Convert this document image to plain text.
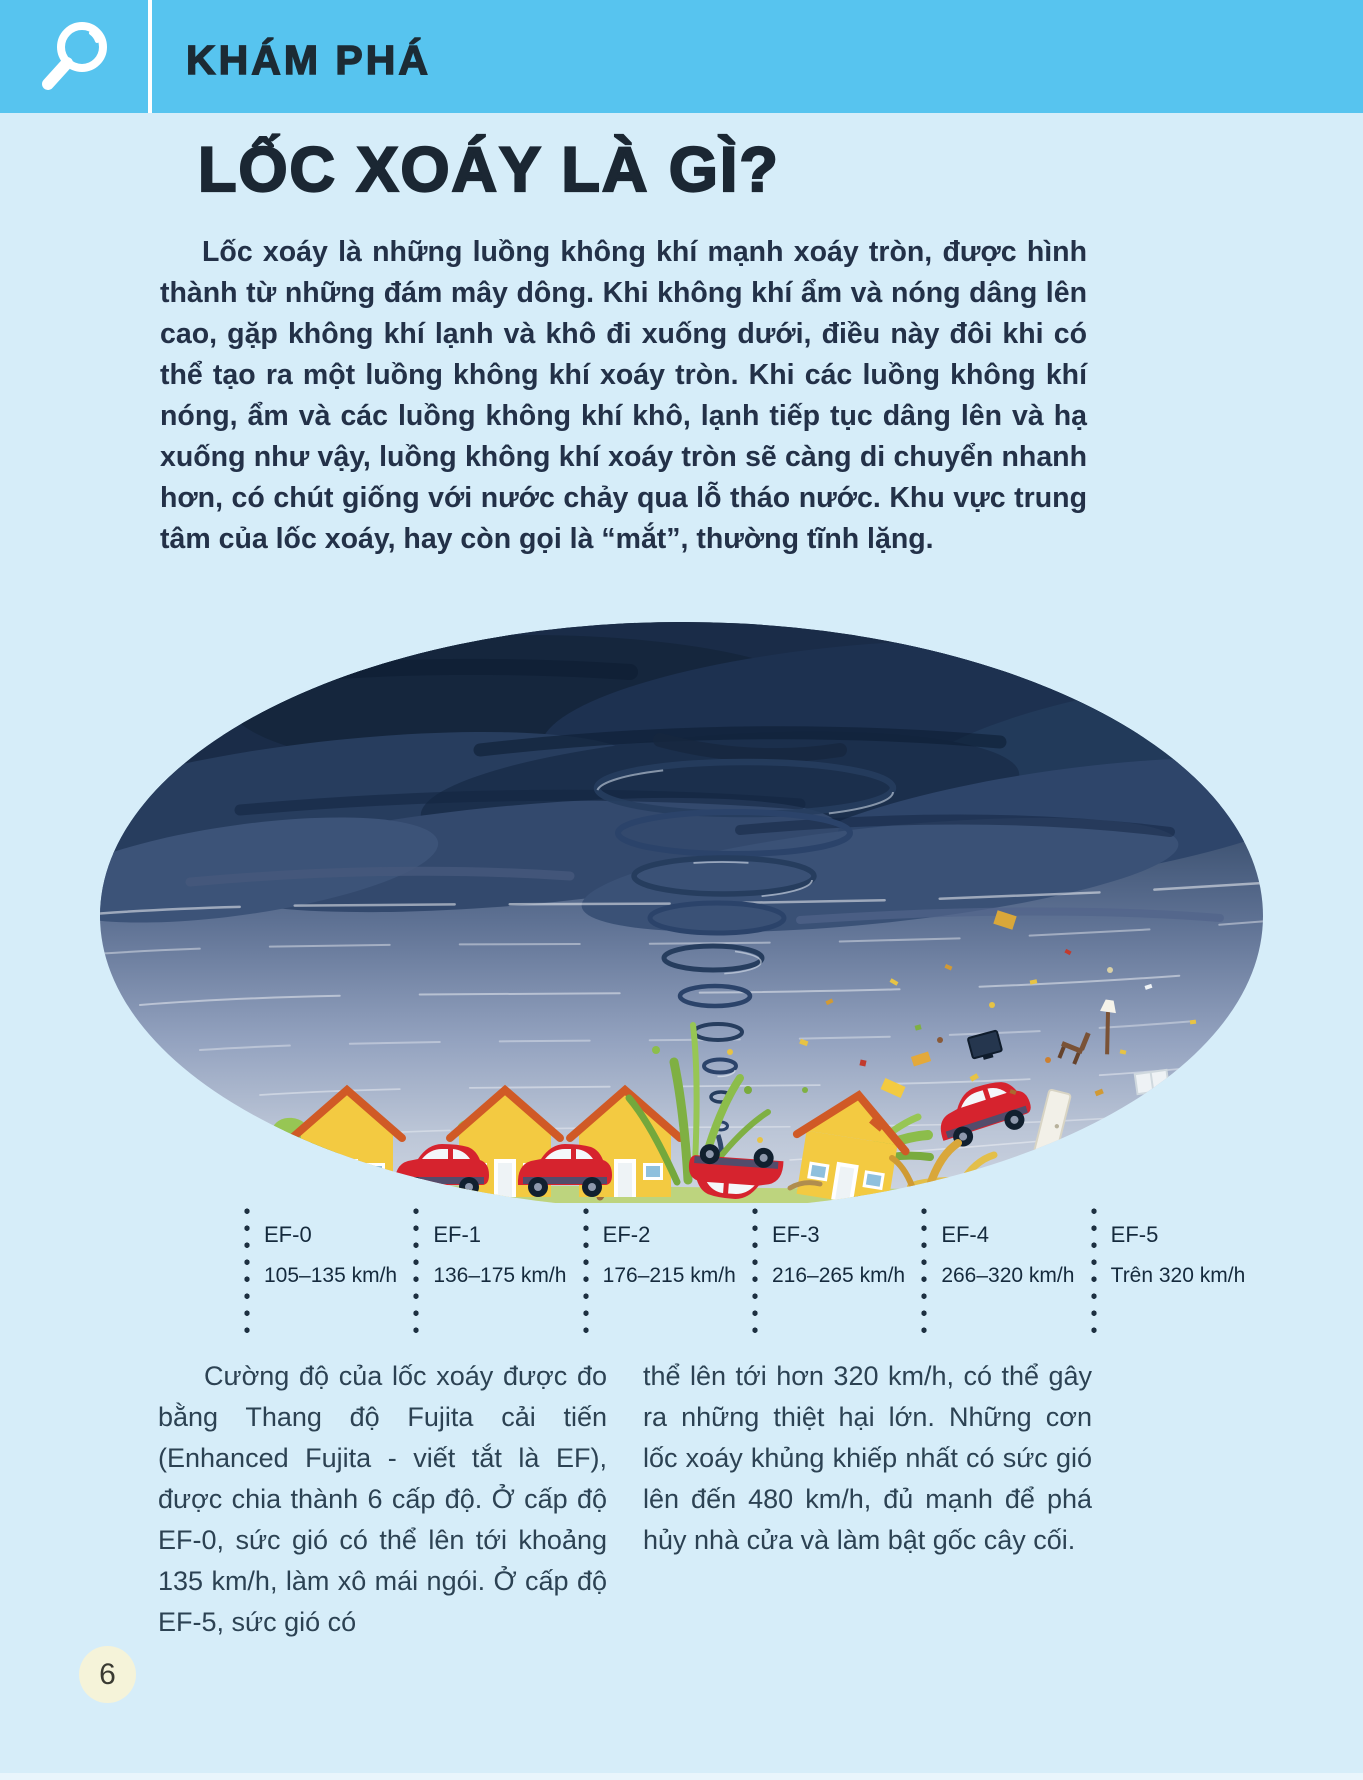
KHÁM PHÁ
LỐC XOÁY LÀ GÌ?
Lốc xoáy là những luồng không khí mạnh xoáy tròn, được hình thành từ những đám mây dông. Khi không khí ẩm và nóng dâng lên cao, gặp không khí lạnh và khô đi xuống dưới, điều này đôi khi có thể tạo ra một luồng không khí xoáy tròn. Khi các luồng không khí nóng, ẩm và các luồng không khí khô, lạnh tiếp tục dâng lên và hạ xuống như vậy, luồng không khí xoáy tròn sẽ càng di chuyển nhanh hơn, có chút giống với nước chảy qua lỗ tháo nước. Khu vực trung tâm của lốc xoáy, hay còn gọi là “mắt”, thường tĩnh lặng.
EF-0
105–135 km/h
EF-1
136–175 km/h
EF-2
176–215 km/h
EF-3
216–265 km/h
EF-4
266–320 km/h
EF-5
Trên 320 km/h
Cường độ của lốc xoáy được đo bằng Thang độ Fujita cải tiến (Enhanced Fujita - viết tắt là EF), được chia thành 6 cấp độ. Ở cấp độ EF-0, sức gió có thể lên tới khoảng 135 km/h, làm xô mái ngói. Ở cấp độ EF-5, sức gió có
thể lên tới hơn 320 km/h, có thể gây ra những thiệt hại lớn. Những cơn lốc xoáy khủng khiếp nhất có sức gió lên đến 480 km/h, đủ mạnh để phá hủy nhà cửa và làm bật gốc cây cối.
6
